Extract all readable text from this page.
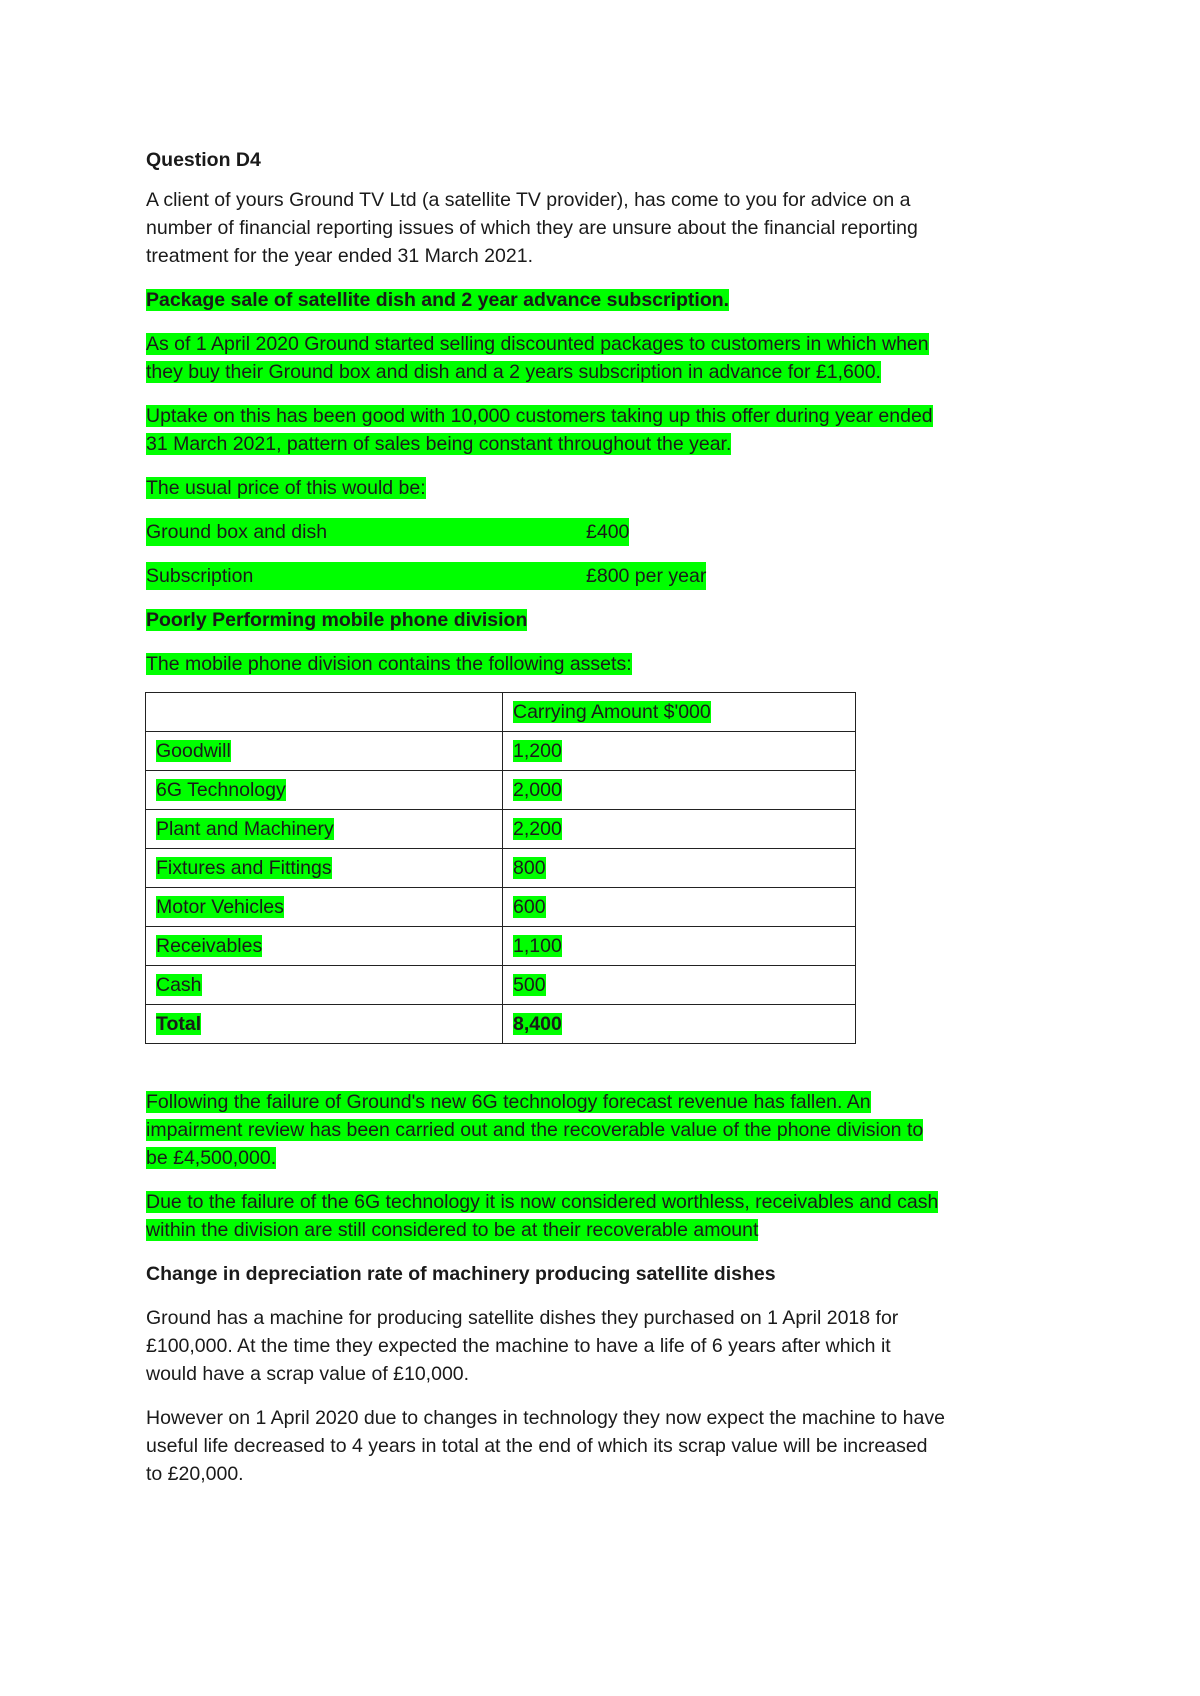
Question D4
A client of yours Ground TV Ltd (a satellite TV provider), has come to you for advice on a
number of financial reporting issues of which they are unsure about the financial reporting
treatment for the year ended 31 March 2021.
Package sale of satellite dish and 2 year advance subscription.
As of 1 April 2020 Ground started selling discounted packages to customers in which when
they buy their Ground box and dish and a 2 years subscription in advance for £1,600.
Uptake on this has been good with 10,000 customers taking up this offer during year ended
31 March 2021, pattern of sales being constant throughout the year.
The usual price of this would be:
Ground box and dish	£400
Subscription	£800 per year
Poorly Performing mobile phone division
The mobile phone division contains the following assets:
	Carrying Amount $'000
Goodwill	1,200
6G Technology	2,000
Plant and Machinery	2,200
Fixtures and Fittings	800
Motor Vehicles	600
Receivables	1,100
Cash	500
Total	8,400
Following the failure of Ground's new 6G technology forecast revenue has fallen. An
impairment review has been carried out and the recoverable value of the phone division to
be £4,500,000.
Due to the failure of the 6G technology it is now considered worthless, receivables and cash
within the division are still considered to be at their recoverable amount
Change in depreciation rate of machinery producing satellite dishes
Ground has a machine for producing satellite dishes they purchased on 1 April 2018 for
£100,000. At the time they expected the machine to have a life of 6 years after which it
would have a scrap value of £10,000.
However on 1 April 2020 due to changes in technology they now expect the machine to have
useful life decreased to 4 years in total at the end of which its scrap value will be increased
to £20,000.
